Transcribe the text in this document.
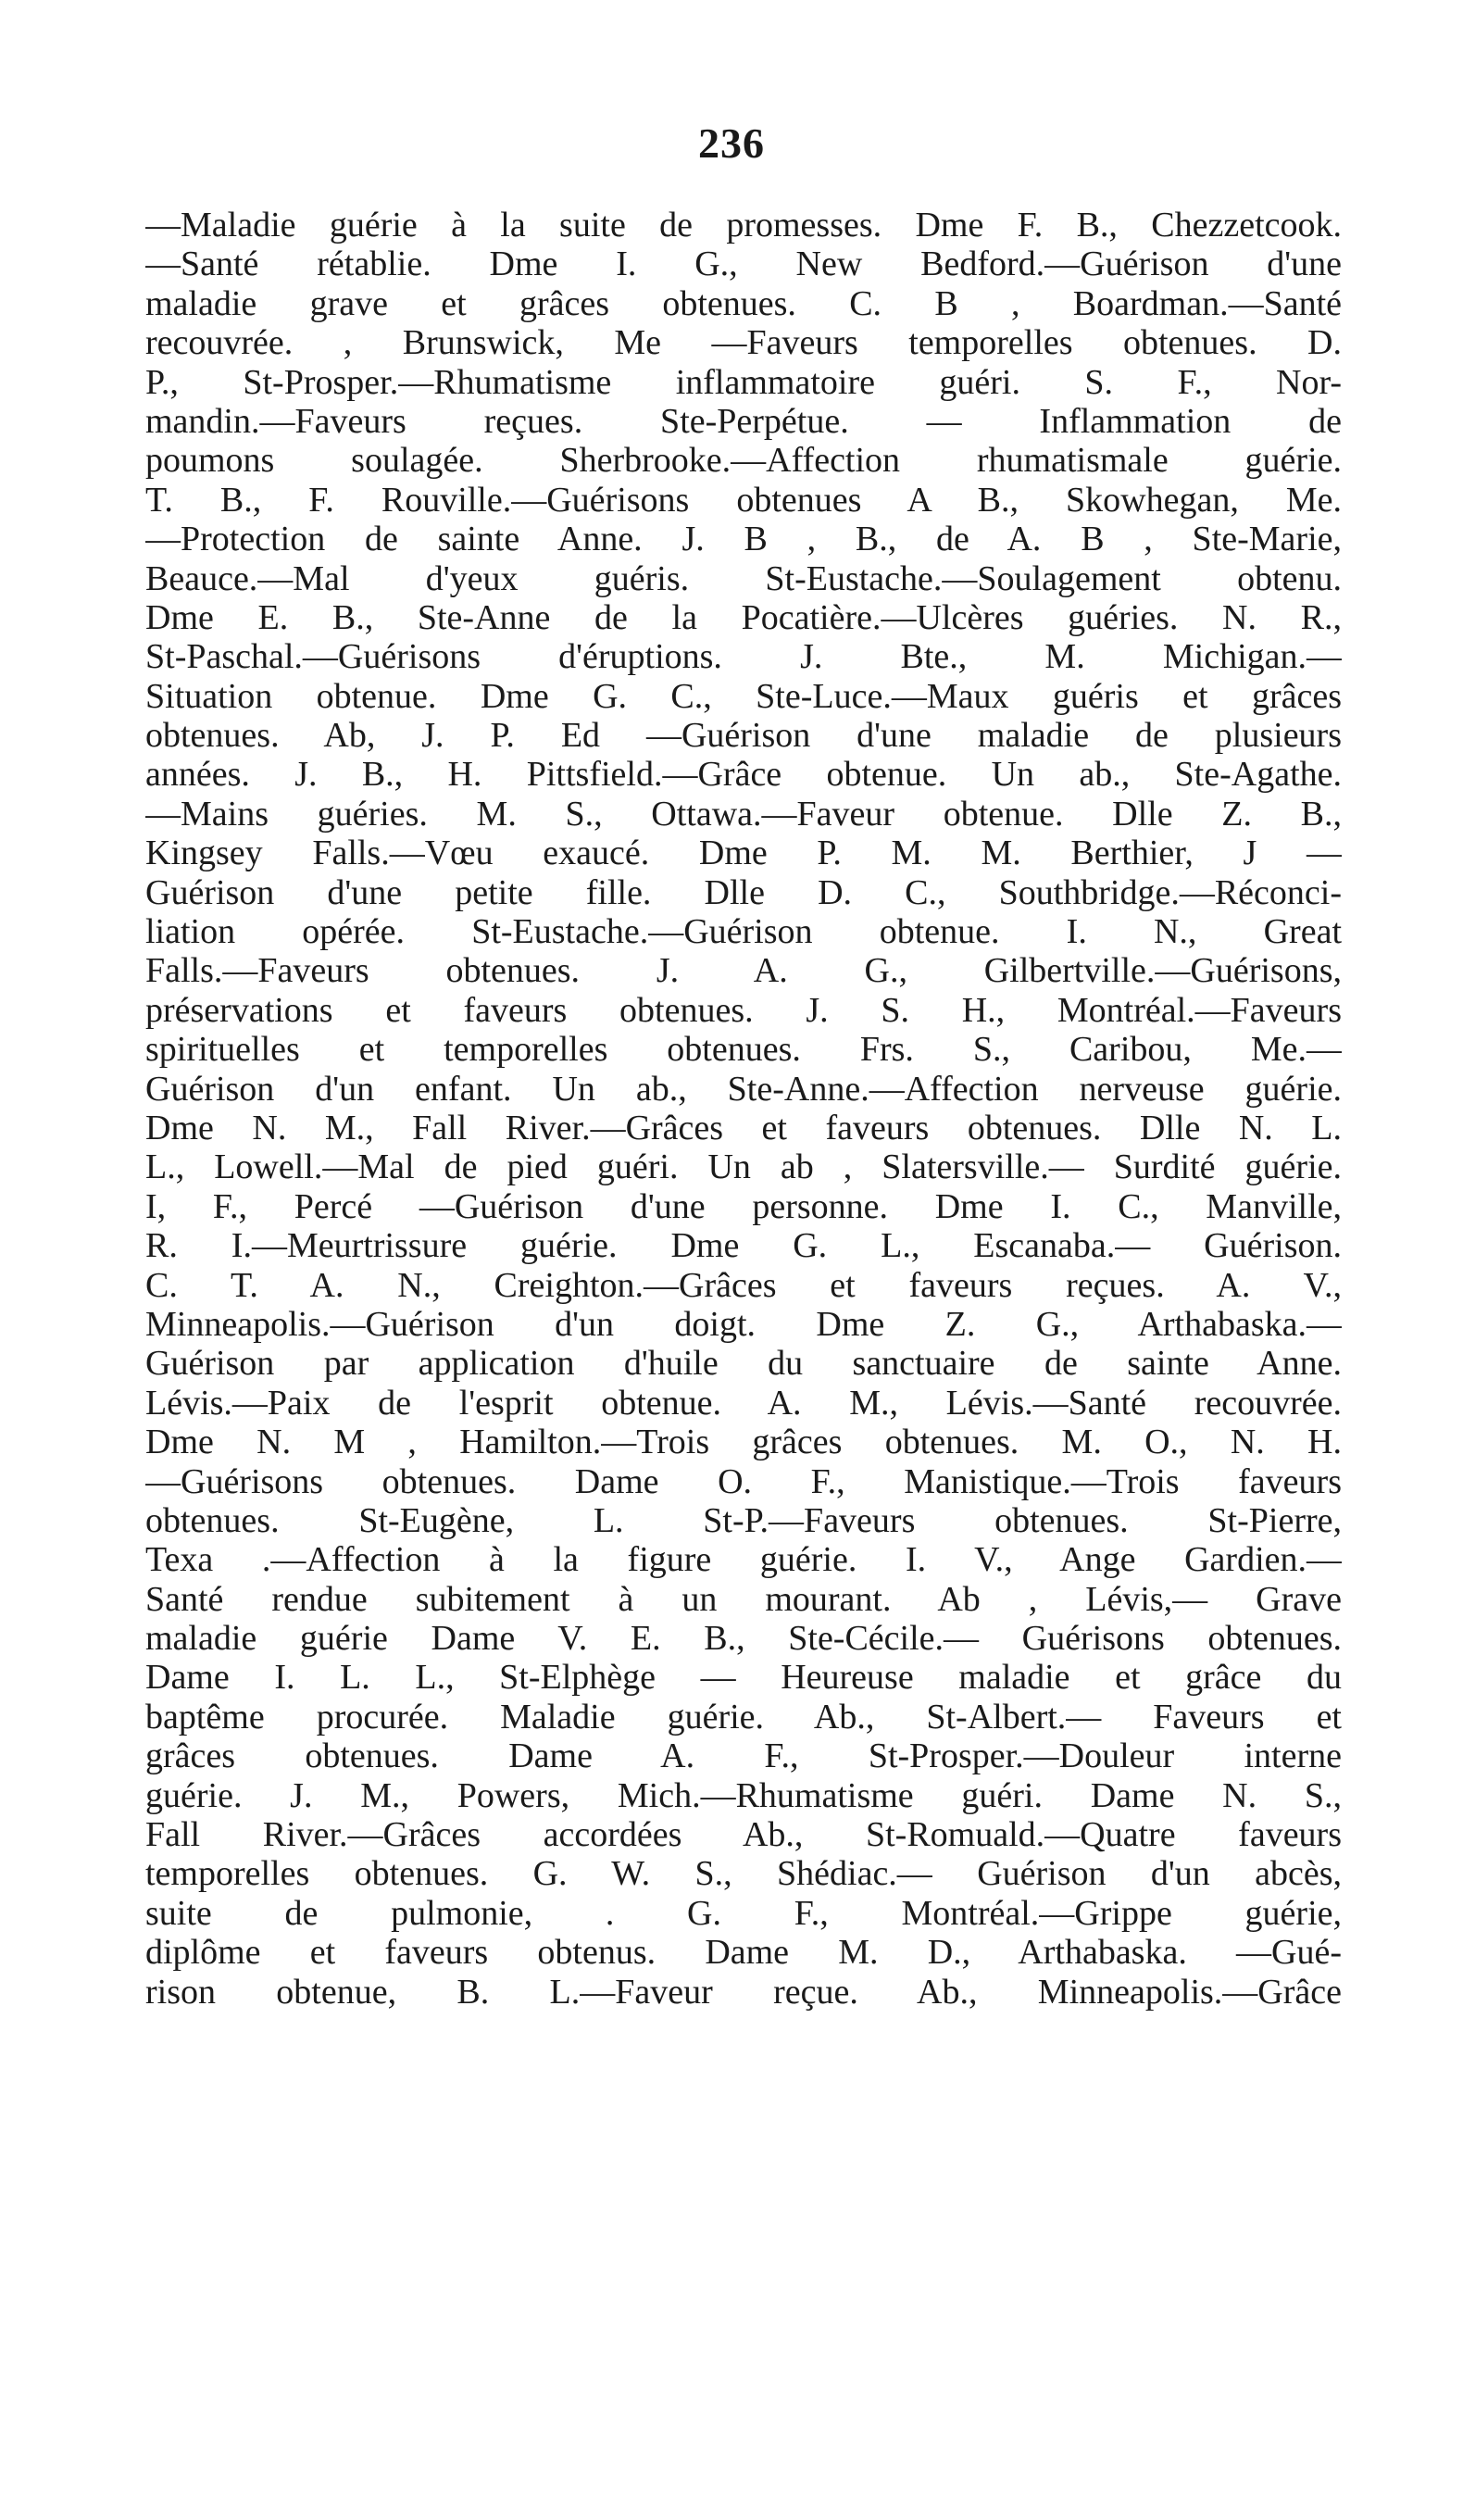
236
—Maladie guérie à la suite de promesses. Dme F. B., Chezzetcook.
—Santé rétablie. Dme I. G., New Bedford.—Guérison d'une
maladie grave et grâces obtenues. C. B , Boardman.—Santé
recouvrée. , Brunswick, Me —Faveurs temporelles obtenues. D.
P., St-Prosper.—Rhumatisme inflammatoire guéri. S. F., Nor-
mandin.—Faveurs reçues. Ste-Perpétue. — Inflammation de
poumons soulagée. Sherbrooke.—Affection rhumatismale guérie.
T. B., F. Rouville.—Guérisons obtenues A B., Skowhegan, Me.
—Protection de sainte Anne. J. B , B., de A. B , Ste-Marie,
Beauce.—Mal d'yeux guéris. St-Eustache.—Soulagement obtenu.
Dme E. B., Ste-Anne de la Pocatière.—Ulcères guéries. N. R.,
St-Paschal.—Guérisons d'éruptions. J. Bte., M. Michigan.—
Situation obtenue. Dme G. C., Ste-Luce.—Maux guéris et grâces
obtenues. Ab, J. P. Ed —Guérison d'une maladie de plusieurs
années. J. B., H. Pittsfield.—Grâce obtenue. Un ab., Ste-Agathe.
—Mains guéries. M. S., Ottawa.—Faveur obtenue. Dlle Z. B.,
Kingsey Falls.—Vœu exaucé. Dme P. M. M. Berthier, J —
Guérison d'une petite fille. Dlle D. C., Southbridge.—Réconci-
liation opérée. St-Eustache.—Guérison obtenue. I. N., Great
Falls.—Faveurs obtenues. J. A. G., Gilbertville.—Guérisons,
préservations et faveurs obtenues. J. S. H., Montréal.—Faveurs
spirituelles et temporelles obtenues. Frs. S., Caribou, Me.—
Guérison d'un enfant. Un ab., Ste-Anne.—Affection nerveuse guérie.
Dme N. M., Fall River.—Grâces et faveurs obtenues. Dlle N. L.
L., Lowell.—Mal de pied guéri. Un ab , Slatersville.— Surdité guérie.
I, F., Percé —Guérison d'une personne. Dme I. C., Manville,
R. I.—Meurtrissure guérie. Dme G. L., Escanaba.— Guérison.
C. T. A. N., Creighton.—Grâces et faveurs reçues. A. V.,
Minneapolis.—Guérison d'un doigt. Dme Z. G., Arthabaska.—
Guérison par application d'huile du sanctuaire de sainte Anne.
Lévis.—Paix de l'esprit obtenue. A. M., Lévis.—Santé recouvrée.
Dme N. M , Hamilton.—Trois grâces obtenues. M. O., N. H.
—Guérisons obtenues. Dame O. F., Manistique.—Trois faveurs
obtenues. St-Eugène, L. St-P.—Faveurs obtenues. St-Pierre,
Texa .—Affection à la figure guérie. I. V., Ange Gardien.—
Santé rendue subitement à un mourant. Ab , Lévis,— Grave
maladie guérie Dame V. E. B., Ste-Cécile.— Guérisons obtenues.
Dame I. L. L., St-Elphège — Heureuse maladie et grâce du
baptême procurée. Maladie guérie. Ab., St-Albert.— Faveurs et
grâces obtenues. Dame A. F., St-Prosper.—Douleur interne
guérie. J. M., Powers, Mich.—Rhumatisme guéri. Dame N. S.,
Fall River.—Grâces accordées Ab., St-Romuald.—Quatre faveurs
temporelles obtenues. G. W. S., Shédiac.— Guérison d'un abcès,
suite de pulmonie, . G. F., Montréal.—Grippe guérie,
diplôme et faveurs obtenus. Dame M. D., Arthabaska. —Gué-
rison obtenue, B. L.—Faveur reçue. Ab., Minneapolis.—Grâce
